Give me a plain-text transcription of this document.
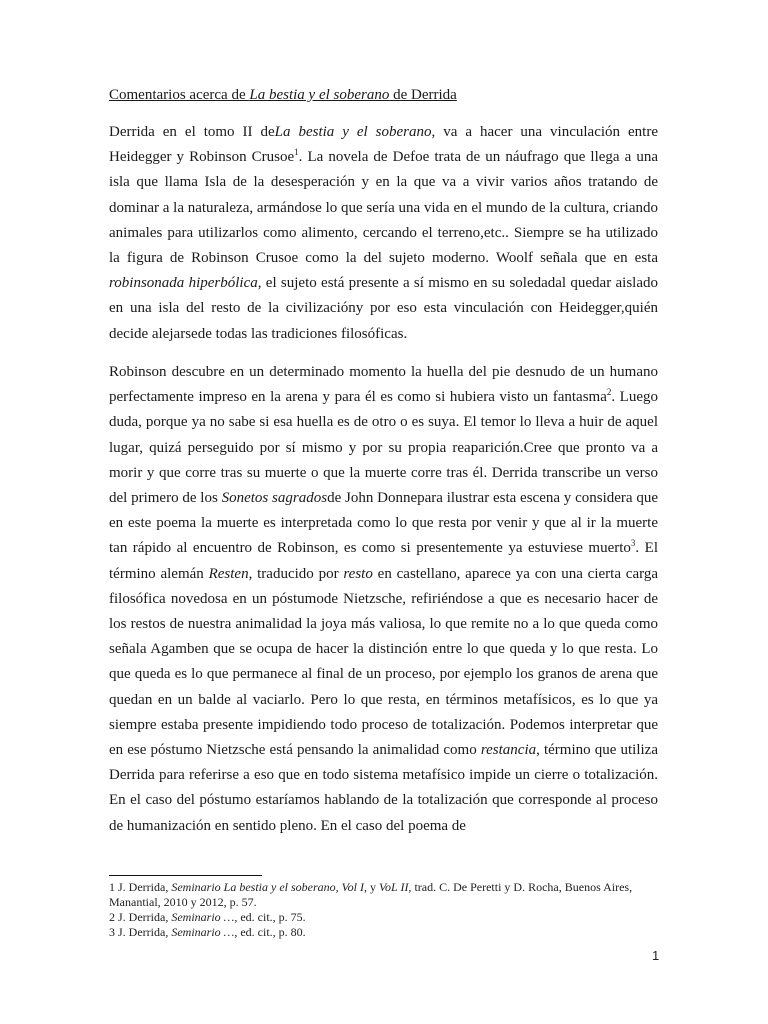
Comentarios acerca de La bestia y el soberano de Derrida

Derrida en el tomo II deLa bestia y el soberano, va a hacer una vinculación entre Heidegger y Robinson Crusoe$^1$. La novela de Defoe trata de un náufrago que llega a una isla que llama Isla de la desesperación y en la que va a vivir varios años tratando de dominar a la naturaleza, armándose lo que sería una vida en el mundo de la cultura, criando animales para utilizarlos como alimento, cercando el terreno,etc.. Siempre se ha utilizado la figura de Robinson Crusoe como la del sujeto moderno. Woolf señala que en esta robinsonada hiperbólica, el sujeto está presente a sí mismo en su soledadal quedar aislado en una isla del resto de la civilizacióny por eso esta vinculación con Heidegger,quién decide alejarsede todas las tradiciones filosóficas.

Robinson descubre en un determinado momento la huella del pie desnudo de un humano perfectamente impreso en la arena y para él es como si hubiera visto un fantasma$^2$. Luego duda, porque ya no sabe si esa huella es de otro o es suya. El temor lo lleva a huir de aquel lugar, quizá perseguido por sí mismo y por su propia reaparición.Cree que pronto va a morir y que corre tras su muerte o que la muerte corre tras él. Derrida transcribe un verso del primero de los Sonetos sagradosde John Donnepara ilustrar esta escena y considera que en este poema la muerte es interpretada como lo que resta por venir y que al ir la muerte tan rápido al encuentro de Robinson, es como si presentemente ya estuviese muerto$^3$. El término alemán Resten, traducido por resto en castellano, aparece ya con una cierta carga filosófica novedosa en un póstumode Nietzsche, refiriéndose a que es necesario hacer de los restos de nuestra animalidad la joya más valiosa, lo que remite no a lo que queda como señala Agamben que se ocupa de hacer la distinción entre lo que queda y lo que resta. Lo que queda es lo que permanece al final de un proceso, por ejemplo los granos de arena que quedan en un balde al vaciarlo. Pero lo que resta, en términos metafísicos, es lo que ya siempre estaba presente impidiendo todo proceso de totalización. Podemos interpretar que en ese póstumo Nietzsche está pensando la animalidad como restancia, término que utiliza Derrida para referirse a eso que en todo sistema metafísico impide un cierre o totalización. En el caso del póstumo estaríamos hablando de la totalización que corresponde al proceso de humanización en sentido pleno. En el caso del poema de

1 J. Derrida, Seminario La bestia y el soberano, Vol I, y VoL II, trad. C. De Peretti y D. Rocha, Buenos Aires, Manantial, 2010 y 2012, p. 57.

2 J. Derrida, Seminario …, ed. cit., p. 75.

3 J. Derrida, Seminario …, ed. cit., p. 80.

1
